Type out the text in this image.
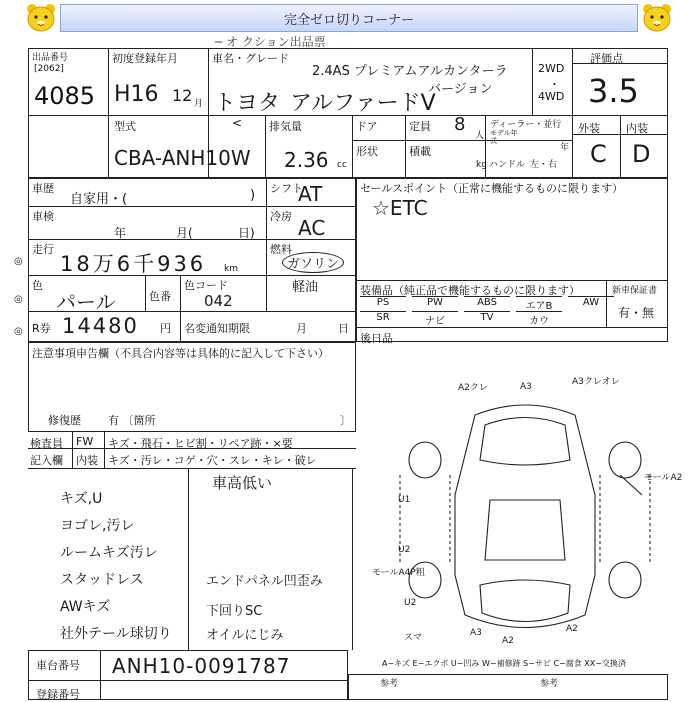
完全ゼロ切りコーナー
─ オ クション出品票
出品番号
[2062]
4085
初度登録年月
H16 12 月
車名・グレード
2.4AS プレミアムアルカンターラ
バージョン
トヨタ アルファードV
2WD
・
4WD
評価点
3.5
外装 内装
C D
型式	<
CBA-ANH10W
排気量
2.36 cc
ドア	定員 8
人
ディーラー・並行
モデル年式
年
形状	積載
kg ハンドル 左・右
車歴
自家用・(	) シフト
AT
車検
年	月(	日)
冷房 AC
走行
18万6千936 km
燃料
ガソリン
軽油
色
パール	色番
色コード
042
R券 14480 円 名変通知期限	月	日
セールスポイント（正常に機能するものに限ります）
☆ETC
装備品（純正品で機能するものに限ります）
PS	PW	ABS	エアB	AW
SR	ナビ	TV	カウ
新車保証書
有・無
後日品
注意事項申告欄（不具合内容等は具体的に記入して下さい）
修復歴 有 〔箇所	〕
検査員
記入欄
FW キズ・飛石・ヒビ割・リペア跡・×要
内装 キズ・汚レ・コゲ・穴・スレ・キレ・破レ
車高低い
キズ,U
ヨゴレ,汚レ
ルームキズ汚レ
スタッドレス
AWキズ
社外テール球切り
エンドパネル凹歪み
下回りSC
オイルにじみ
A2クレ	A3	A3クレオレ
モールA2
U1
U2
モールA4P粗
U2
スマ	A3
A2
A2
A−キズ E−エクボ U−凹み W−補修跡 S−サビ C−腐食 XX−交換済
車台番号 ANH10-0091787
登録番号
参考	参考
◎
◎
◎
